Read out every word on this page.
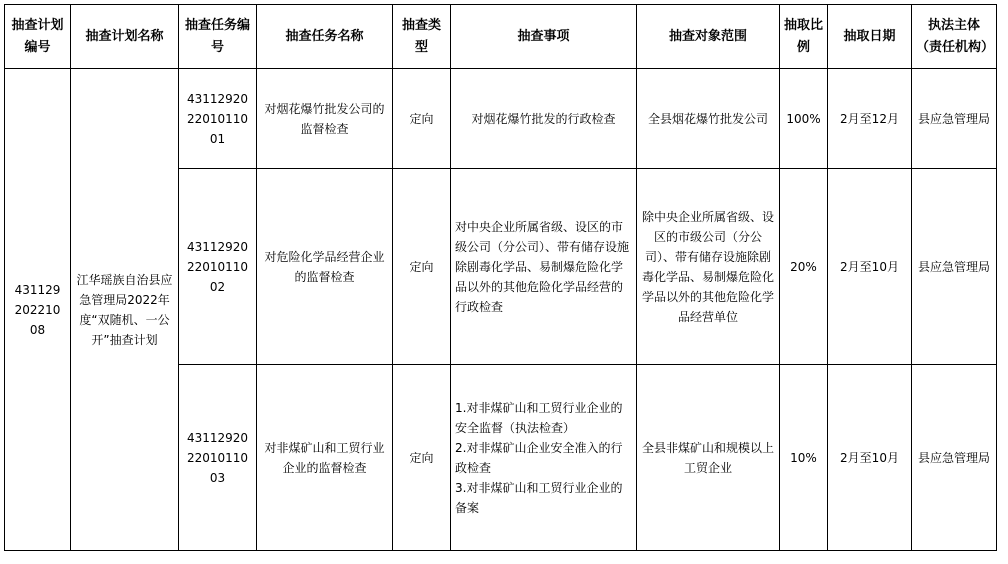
抽查计划编号	抽查计划名称	抽查任务编号	抽查任务名称	抽查类型	抽查事项	抽查对象范围	抽取比例	抽取日期	执法主体（责任机构）
431129
202210
08	江华瑶族自治县应急管理局2022年度“双随机、一公开”抽查计划	43112920
22010110
01	对烟花爆竹批发公司的监督检查	定向	对烟花爆竹批发的行政检查	全县烟花爆竹批发公司	100%	2月至12月	县应急管理局
		43112920
22010110
02	对危险化学品经营企业的监督检查	定向	对中央企业所属省级、设区的市级公司（分公司）、带有储存设施除剧毒化学品、易制爆危险化学品以外的其他危险化学品经营的行政检查	除中央企业所属省级、设区的市级公司（分公司）、带有储存设施除剧毒化学品、易制爆危险化学品以外的其他危险化学品经营单位	20%	2月至10月	县应急管理局
		43112920
22010110
03	对非煤矿山和工贸行业企业的监督检查	定向	1.对非煤矿山和工贸行业企业的安全监督（执法检查）
2.对非煤矿山企业安全准入的行政检查
3.对非煤矿山和工贸行业企业的备案	全县非煤矿山和规模以上工贸企业	10%	2月至10月	县应急管理局
